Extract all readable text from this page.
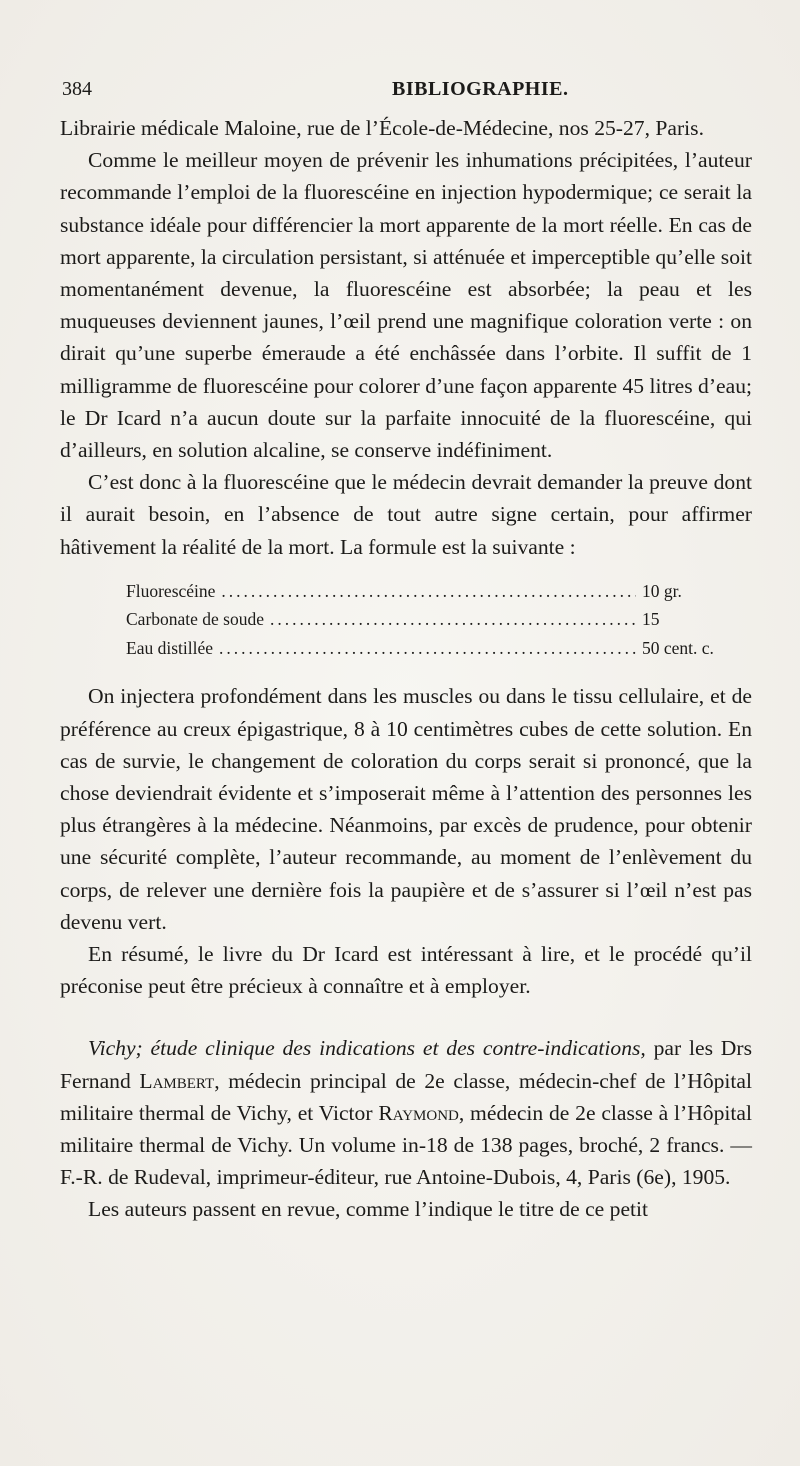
384	BIBLIOGRAPHIE.

Librairie médicale Maloine, rue de l’École-de-Médecine, nos 25-27, Paris.

Comme le meilleur moyen de prévenir les inhumations précipitées, l’auteur recommande l’emploi de la fluorescéine en injection hypodermique; ce serait la substance idéale pour différencier la mort apparente de la mort réelle. En cas de mort apparente, la circulation persistant, si atténuée et imperceptible qu’elle soit momentanément devenue, la fluorescéine est absorbée; la peau et les muqueuses deviennent jaunes, l’œil prend une magnifique coloration verte : on dirait qu’une superbe émeraude a été enchâssée dans l’orbite. Il suffit de 1 milligramme de fluorescéine pour colorer d’une façon apparente 45 litres d’eau; le Dr Icard n’a aucun doute sur la parfaite innocuité de la fluorescéine, qui d’ailleurs, en solution alcaline, se conserve indéfiniment.

C’est donc à la fluorescéine que le médecin devrait demander la preuve dont il aurait besoin, en l’absence de tout autre signe certain, pour affirmer hâtivement la réalité de la mort. La formule est la suivante :

Fluorescéine .....	10 gr.
Carbonate de soude .....	15
Eau distillée .....	50 cent. c.

On injectera profondément dans les muscles ou dans le tissu cellulaire, et de préférence au creux épigastrique, 8 à 10 centimètres cubes de cette solution. En cas de survie, le changement de coloration du corps serait si prononcé, que la chose deviendrait évidente et s’imposerait même à l’attention des personnes les plus étrangères à la médecine. Néanmoins, par excès de prudence, pour obtenir une sécurité complète, l’auteur recommande, au moment de l’enlèvement du corps, de relever une dernière fois la paupière et de s’assurer si l’œil n’est pas devenu vert.

En résumé, le livre du Dr Icard est intéressant à lire, et le procédé qu’il préconise peut être précieux à connaître et à employer.

Vichy; étude clinique des indications et des contre-indications, par les Drs Fernand Lambert, médecin principal de 2e classe, médecin-chef de l’Hôpital militaire thermal de Vichy, et Victor Raymond, médecin de 2e classe à l’Hôpital militaire thermal de Vichy. Un volume in-18 de 138 pages, broché, 2 francs. — F.-R. de Rudeval, imprimeur-éditeur, rue Antoine-Dubois, 4, Paris (6e), 1905.

Les auteurs passent en revue, comme l’indique le titre de ce petit
